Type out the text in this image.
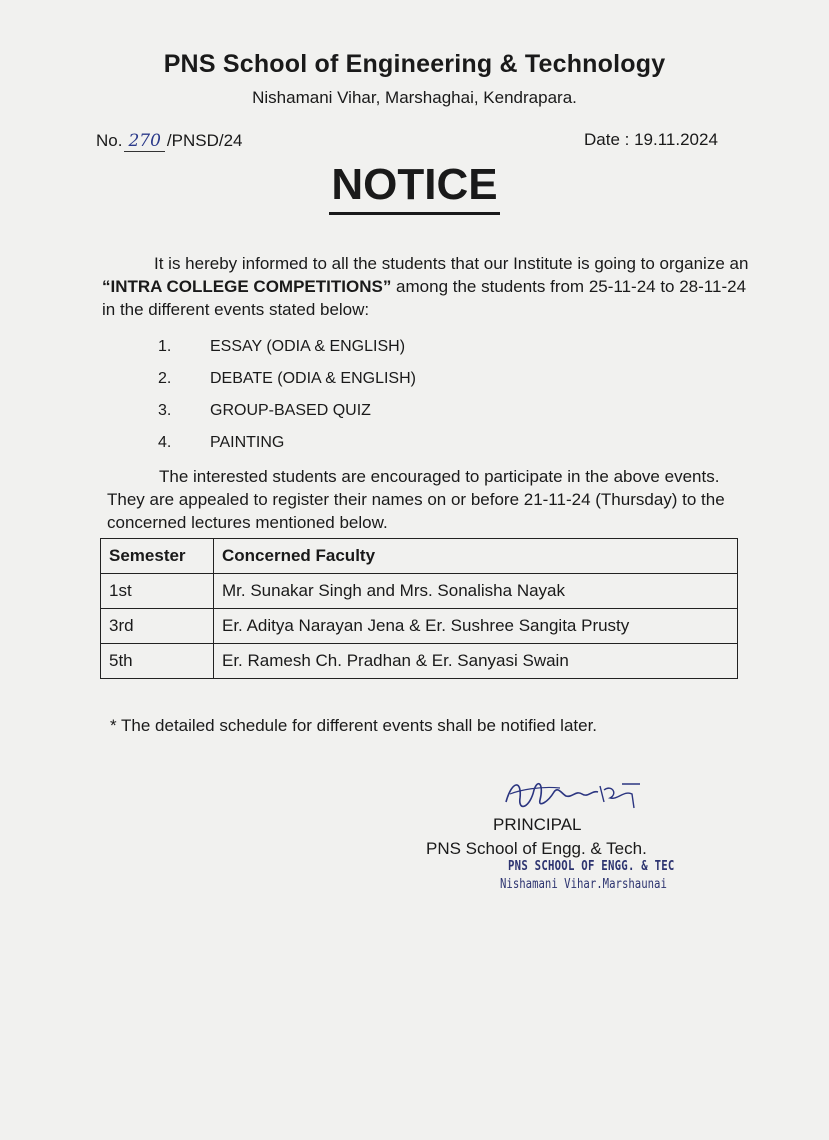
PNS School of Engineering & Technology
Nishamani Vihar, Marshaghai, Kendrapara.
No. 270 /PNSD/24	Date : 19.11.2024
NOTICE
It is hereby informed to all the students that our Institute is going to organize an “INTRA COLLEGE COMPETITIONS” among the students from 25-11-24 to 28-11-24 in the different events stated below:
1. ESSAY (ODIA & ENGLISH)
2. DEBATE (ODIA & ENGLISH)
3. GROUP-BASED QUIZ
4. PAINTING
The interested students are encouraged to participate in the above events. They are appealed to register their names on or before 21-11-24 (Thursday) to the concerned lectures mentioned below.
Semester	Concerned Faculty
1st	Mr. Sunakar Singh and Mrs. Sonalisha Nayak
3rd	Er. Aditya Narayan Jena & Er. Sushree Sangita Prusty
5th	Er. Ramesh Ch. Pradhan & Er. Sanyasi Swain
* The detailed schedule for different events shall be notified later.
PRINCIPAL
PNS School of Engg. & Tech.
PNS SCHOOL OF ENGG. & TEC
Nishamani Vihar.Marshaunai
